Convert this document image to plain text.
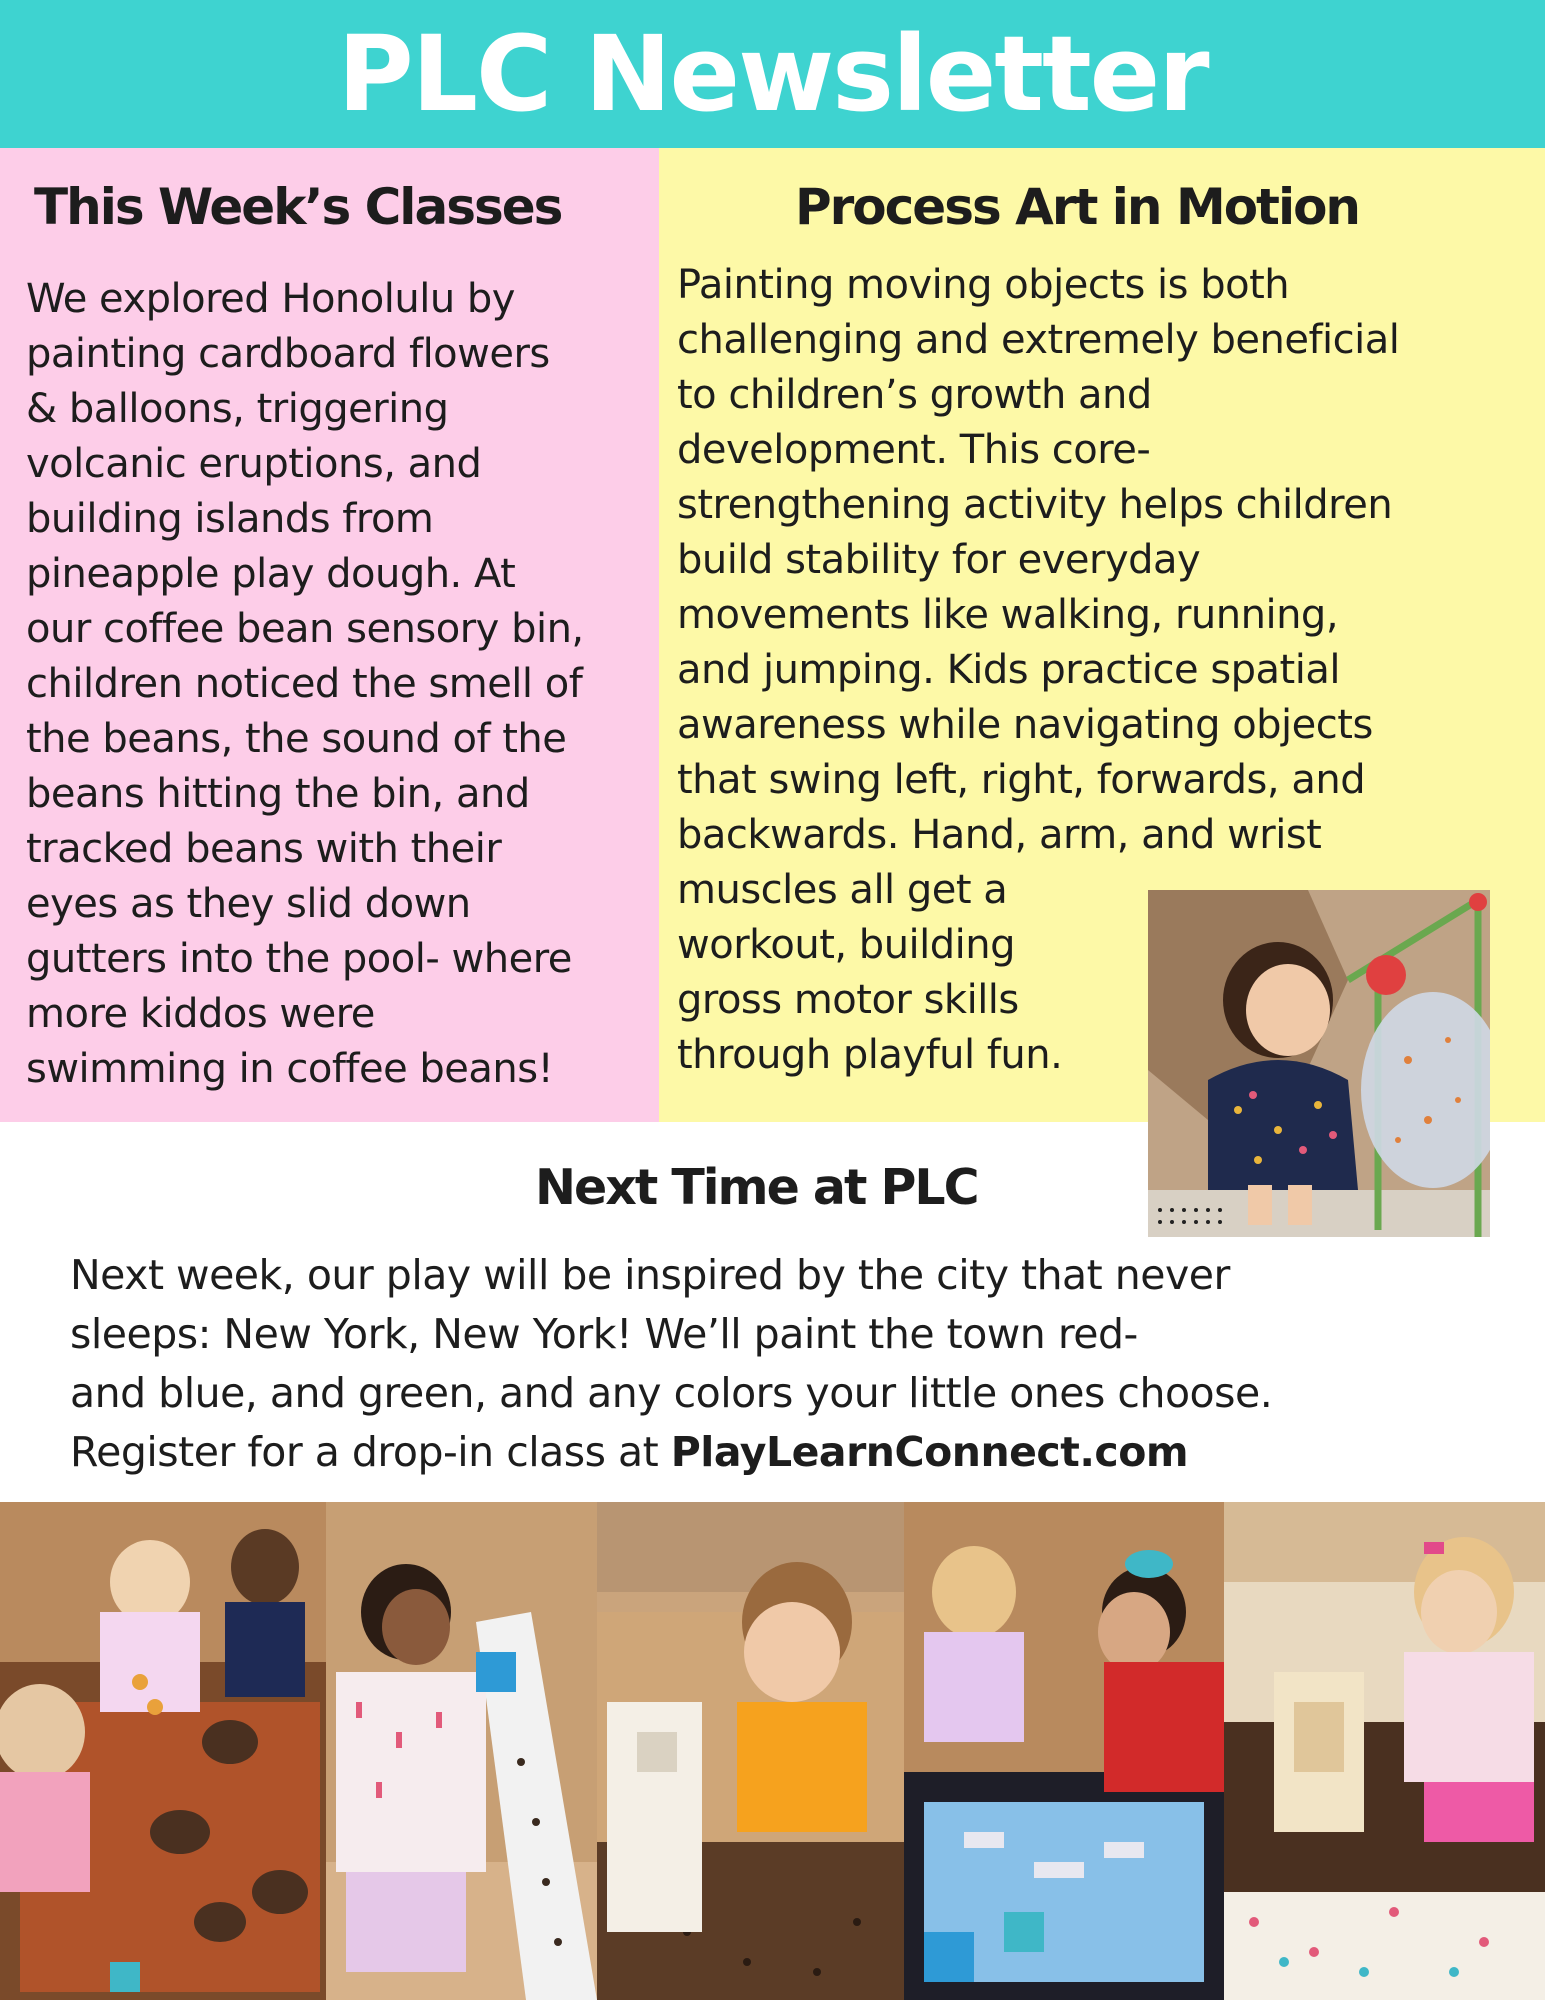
PLC Newsletter
This Week’s Classes
We explored Honolulu by
painting cardboard flowers
& balloons, triggering
volcanic eruptions, and
building islands from
pineapple play dough. At
our coffee bean sensory bin,
children noticed the smell of
the beans, the sound of the
beans hitting the bin, and
tracked beans with their
eyes as they slid down
gutters into the pool- where
more kiddos were
swimming in coffee beans!
Process Art in Motion
Painting moving objects is both
challenging and extremely beneficial
to children’s growth and
development. This core-
strengthening activity helps children
build stability for everyday
movements like walking, running,
and jumping. Kids practice spatial
awareness while navigating objects
that swing left, right, forwards, and
backwards. Hand, arm, and wrist
muscles all get a
workout, building
gross motor skills
through playful fun.
Next Time at PLC
Next week, our play will be inspired by the city that never
sleeps: New York, New York! We’ll paint the town red-
and blue, and green, and any colors your little ones choose.
Register for a drop-in class at PlayLearnConnect.com
